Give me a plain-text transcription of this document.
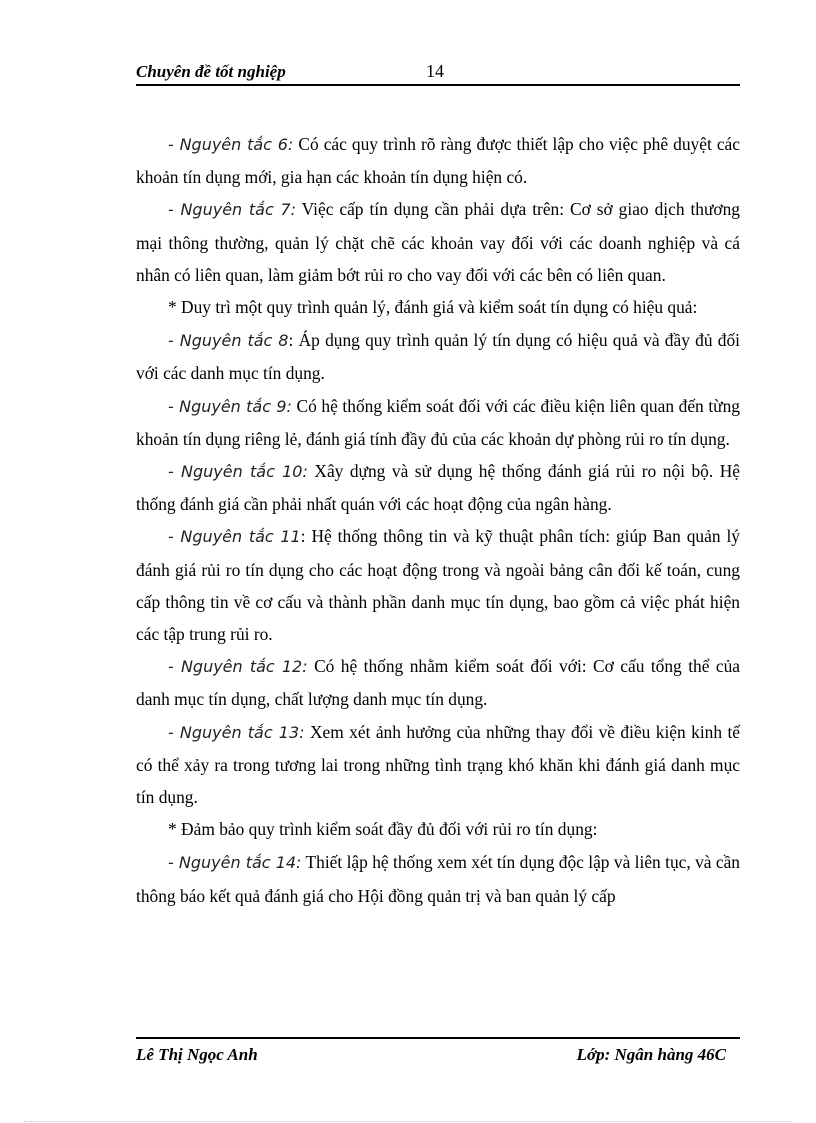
Chuyên đề tốt nghiệp	14

- Nguyên tắc 6: Có các quy trình rõ ràng được thiết lập cho việc phê duyệt các khoản tín dụng mới, gia hạn các khoản tín dụng hiện có.

- Nguyên tắc 7: Việc cấp tín dụng cần phải dựa trên: Cơ sở giao dịch thương mại thông thường, quản lý chặt chẽ các khoản vay đối với các doanh nghiệp và cá nhân có liên quan, làm giảm bớt rủi ro cho vay đối với các bên có liên quan.

* Duy trì một quy trình quản lý, đánh giá và kiểm soát tín dụng có hiệu quả:

- Nguyên tắc 8: Áp dụng quy trình quản lý tín dụng có hiệu quả và đầy đủ đối với các danh mục tín dụng.

- Nguyên tắc 9: Có hệ thống kiểm soát đối với các điều kiện liên quan đến từng khoản tín dụng riêng lẻ, đánh giá tính đầy đủ của các khoản dự phòng rủi ro tín dụng.

- Nguyên tắc 10: Xây dựng và sử dụng hệ thống đánh giá rủi ro nội bộ. Hệ thống đánh giá cần phải nhất quán với các hoạt động của ngân hàng.

- Nguyên tắc 11: Hệ thống thông tin và kỹ thuật phân tích: giúp Ban quản lý đánh giá rủi ro tín dụng cho các hoạt động trong và ngoài bảng cân đối kế toán, cung cấp thông tin về cơ cấu và thành phần danh mục tín dụng, bao gồm cả việc phát hiện các tập trung rủi ro.

- Nguyên tắc 12: Có hệ thống nhằm kiểm soát đối với: Cơ cấu tổng thể của danh mục tín dụng, chất lượng danh mục tín dụng.

- Nguyên tắc 13: Xem xét ảnh hưởng của những thay đổi về điều kiện kinh tế có thể xảy ra trong tương lai trong những tình trạng khó khăn khi đánh giá danh mục tín dụng.

* Đảm bảo quy trình kiểm soát đầy đủ đối với rủi ro tín dụng:

- Nguyên tắc 14: Thiết lập hệ thống xem xét tín dụng độc lập và liên tục, và cần thông báo kết quả đánh giá cho Hội đồng quản trị và ban quản lý cấp

Lê Thị Ngọc Anh	Lớp: Ngân hàng 46C
